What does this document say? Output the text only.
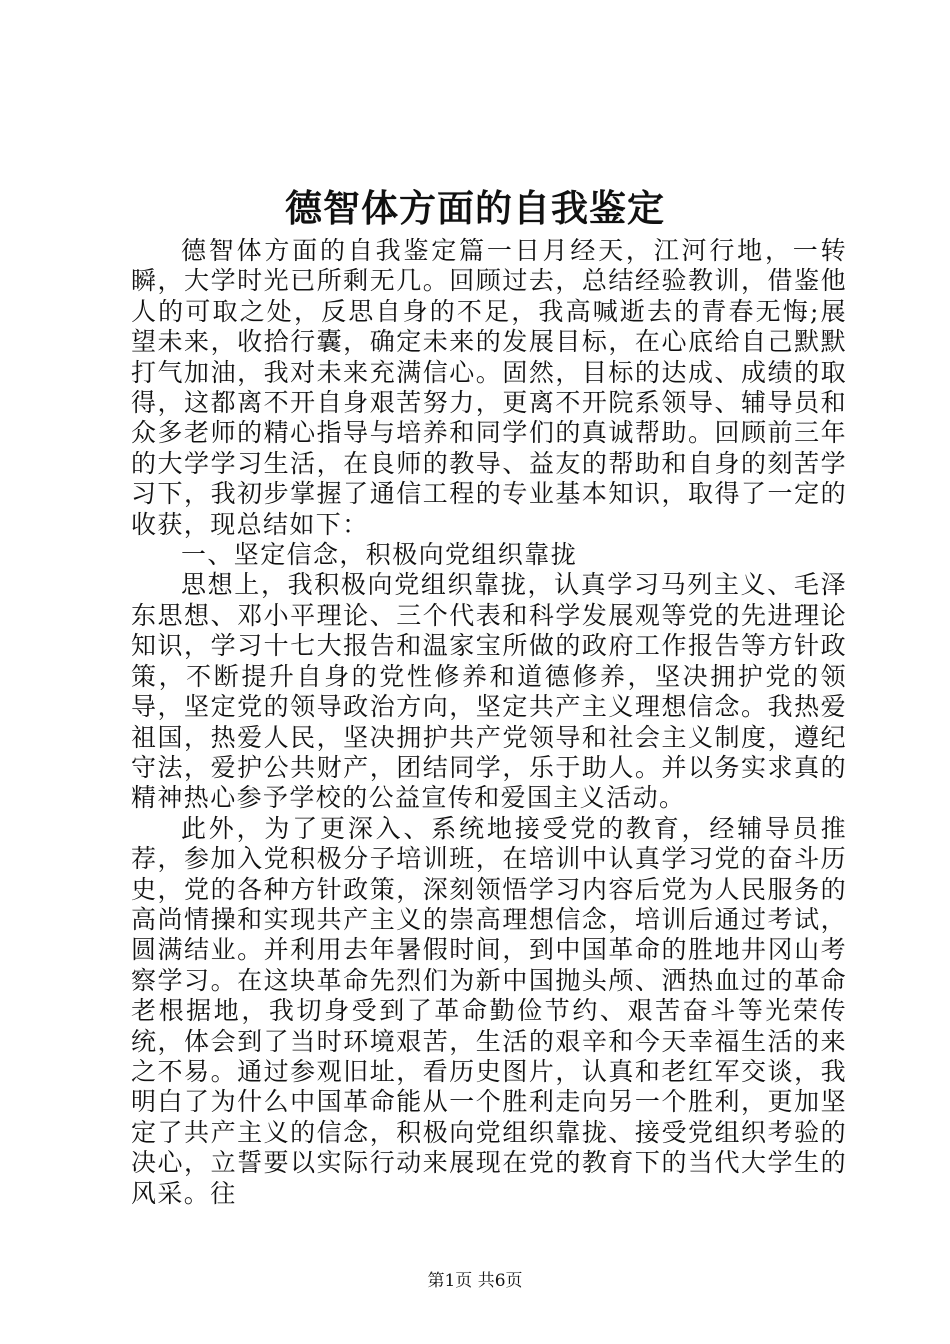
德智体方面的自我鉴定

德智体方面的自我鉴定篇一日月经天，江河行地，一转瞬，大学时光已所剩无几。回顾过去，总结经验教训，借鉴他人的可取之处，反思自身的不足，我高喊逝去的青春无悔;展望未来，收拾行囊，确定未来的发展目标，在心底给自己默默打气加油，我对未来充满信心。固然，目标的达成、成绩的取得，这都离不开自身艰苦努力，更离不开院系领导、辅导员和众多老师的精心指导与培养和同学们的真诚帮助。回顾前三年的大学学习生活，在良师的教导、益友的帮助和自身的刻苦学习下，我初步掌握了通信工程的专业基本知识，取得了一定的收获，现总结如下：

一、坚定信念，积极向党组织靠拢

思想上，我积极向党组织靠拢，认真学习马列主义、毛泽东思想、邓小平理论、三个代表和科学发展观等党的先进理论知识，学习十七大报告和温家宝所做的政府工作报告等方针政策，不断提升自身的党性修养和道德修养，坚决拥护党的领导，坚定党的领导政治方向，坚定共产主义理想信念。我热爱祖国，热爱人民，坚决拥护共产党领导和社会主义制度，遵纪守法，爱护公共财产，团结同学，乐于助人。并以务实求真的精神热心参予学校的公益宣传和爱国主义活动。

此外，为了更深入、系统地接受党的教育，经辅导员推荐，参加入党积极分子培训班，在培训中认真学习党的奋斗历史，党的各种方针政策，深刻领悟学习内容后党为人民服务的高尚情操和实现共产主义的崇高理想信念，培训后通过考试，圆满结业。并利用去年暑假时间，到中国革命的胜地井冈山考察学习。在这块革命先烈们为新中国抛头颅、洒热血过的革命老根据地，我切身受到了革命勤俭节约、艰苦奋斗等光荣传统，体会到了当时环境艰苦，生活的艰辛和今天幸福生活的来之不易。通过参观旧址，看历史图片，认真和老红军交谈，我明白了为什么中国革命能从一个胜利走向另一个胜利，更加坚定了共产主义的信念，积极向党组织靠拢、接受党组织考验的决心，立誓要以实际行动来展现在党的教育下的当代大学生的风采。往

第1页 共6页
